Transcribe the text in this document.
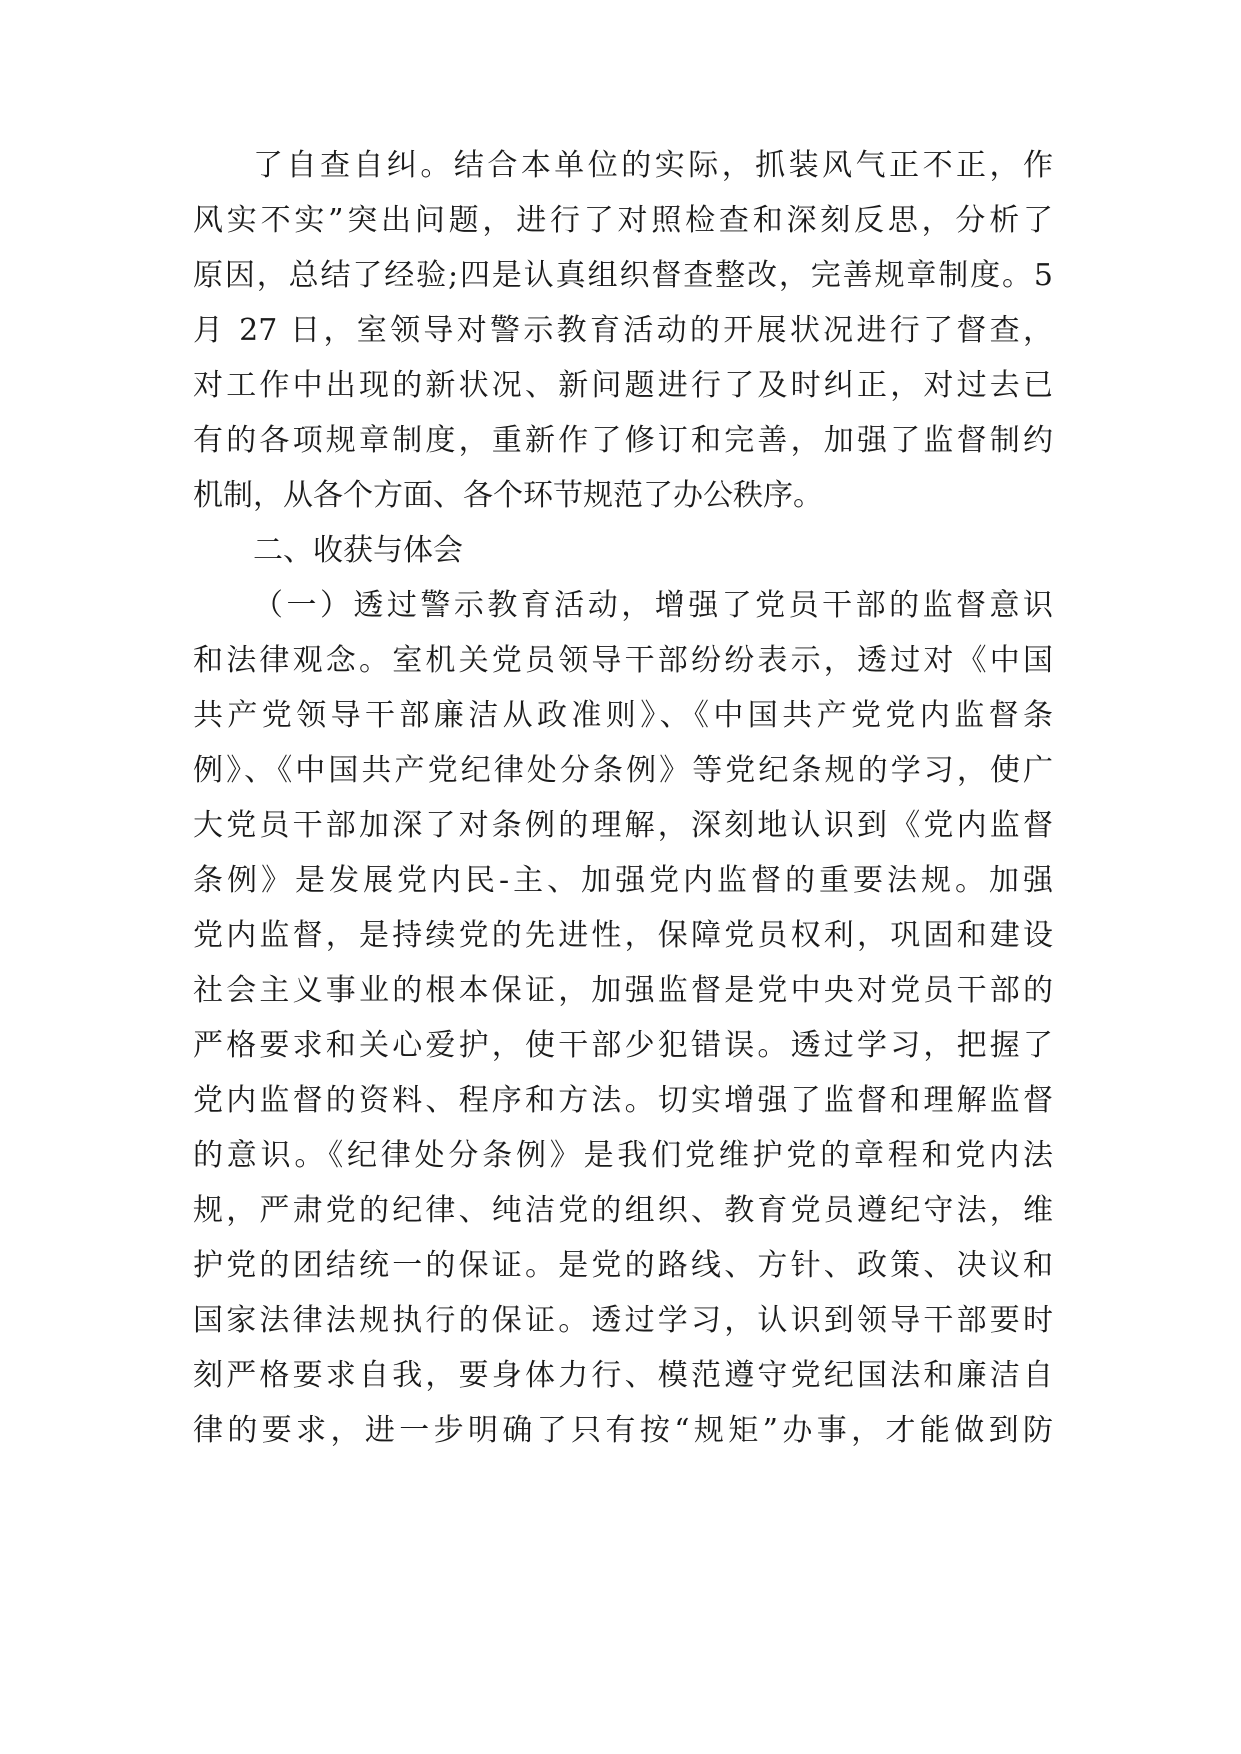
了自查自纠。结合本单位的实际，抓装风气正不正，作
风实不实”突出问题，进行了对照检查和深刻反思，分析了
原因，总结了经验;四是认真组织督查整改，完善规章制度。5
月 27 日，室领导对警示教育活动的开展状况进行了督查，
对工作中出现的新状况、新问题进行了及时纠正，对过去已
有的各项规章制度，重新作了修订和完善，加强了监督制约
机制，从各个方面、各个环节规范了办公秩序。
二、收获与体会
（一）透过警示教育活动，增强了党员干部的监督意识
和法律观念。室机关党员领导干部纷纷表示，透过对《中国
共产党领导干部廉洁从政准则》、《中国共产党党内监督条
例》、《中国共产党纪律处分条例》等党纪条规的学习，使广
大党员干部加深了对条例的理解，深刻地认识到《党内监督
条例》是发展党内民-主、加强党内监督的重要法规。加强
党内监督，是持续党的先进性，保障党员权利，巩固和建设
社会主义事业的根本保证，加强监督是党中央对党员干部的
严格要求和关心爱护，使干部少犯错误。透过学习，把握了
党内监督的资料、程序和方法。切实增强了监督和理解监督
的意识。《纪律处分条例》是我们党维护党的章程和党内法
规，严肃党的纪律、纯洁党的组织、教育党员遵纪守法，维
护党的团结统一的保证。是党的路线、方针、政策、决议和
国家法律法规执行的保证。透过学习，认识到领导干部要时
刻严格要求自我，要身体力行、模范遵守党纪国法和廉洁自
律的要求，进一步明确了只有按“规矩”办事，才能做到防
